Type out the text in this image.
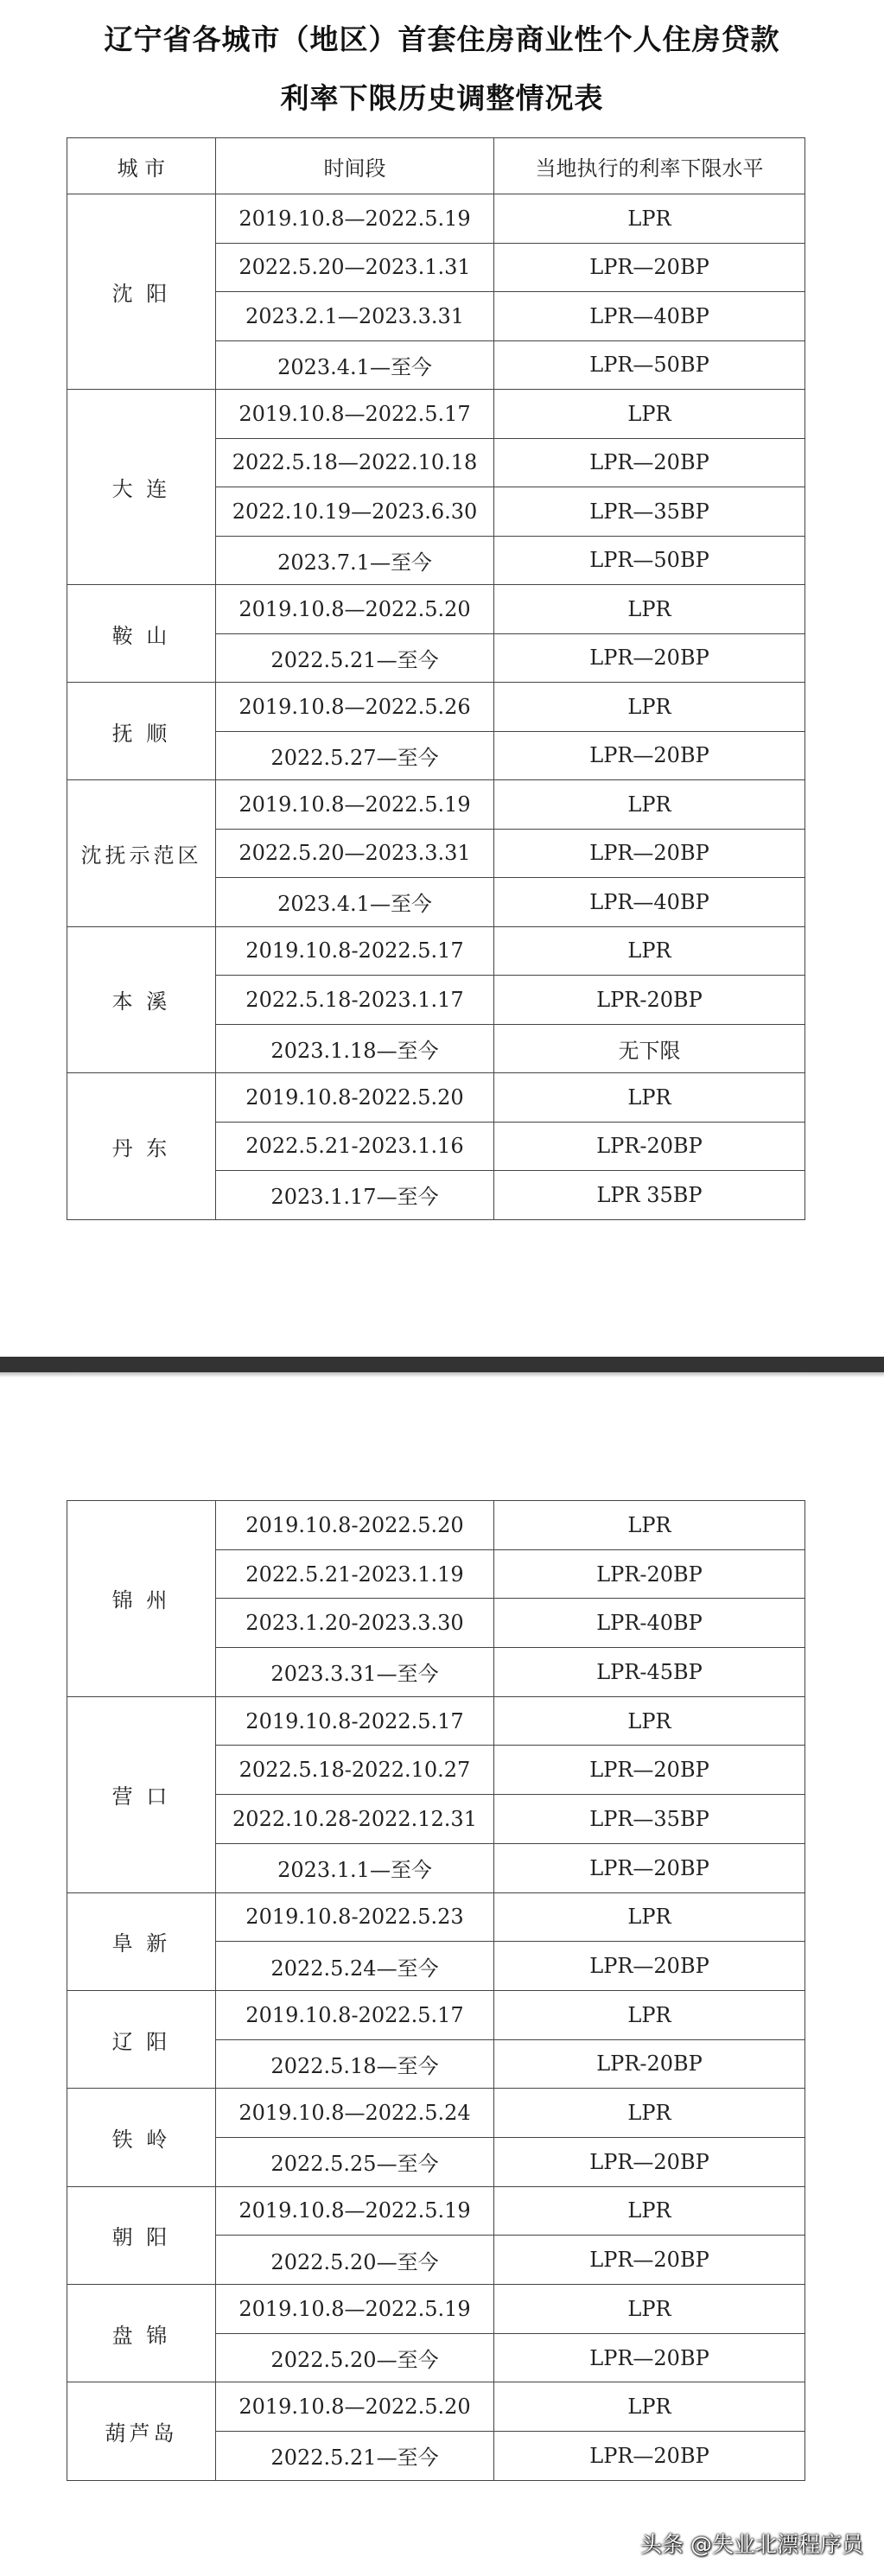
辽宁省各城市（地区）首套住房商业性个人住房贷款
利率下限历史调整情况表
城 市	时间段	当地执行的利率下限水平
沈 阳	2019.10.8—2022.5.19	LPR
	2022.5.20—2023.1.31	LPR—20BP
	2023.2.1—2023.3.31	LPR—40BP
	2023.4.1—至今	LPR—50BP
大 连	2019.10.8—2022.5.17	LPR
	2022.5.18—2022.10.18	LPR—20BP
	2022.10.19—2023.6.30	LPR—35BP
	2023.7.1—至今	LPR—50BP
鞍 山	2019.10.8—2022.5.20	LPR
	2022.5.21—至今	LPR—20BP
抚 顺	2019.10.8—2022.5.26	LPR
	2022.5.27—至今	LPR—20BP
沈抚示范区	2019.10.8—2022.5.19	LPR
	2022.5.20—2023.3.31	LPR—20BP
	2023.4.1—至今	LPR—40BP
本 溪	2019.10.8-2022.5.17	LPR
	2022.5.18-2023.1.17	LPR-20BP
	2023.1.18—至今	无下限
丹 东	2019.10.8-2022.5.20	LPR
	2022.5.21-2023.1.16	LPR-20BP
	2023.1.17—至今	LPR 35BP
锦 州	2019.10.8-2022.5.20	LPR
	2022.5.21-2023.1.19	LPR-20BP
	2023.1.20-2023.3.30	LPR-40BP
	2023.3.31—至今	LPR-45BP
营 口	2019.10.8-2022.5.17	LPR
	2022.5.18-2022.10.27	LPR—20BP
	2022.10.28-2022.12.31	LPR—35BP
	2023.1.1—至今	LPR—20BP
阜 新	2019.10.8-2022.5.23	LPR
	2022.5.24—至今	LPR—20BP
辽 阳	2019.10.8-2022.5.17	LPR
	2022.5.18—至今	LPR-20BP
铁 岭	2019.10.8—2022.5.24	LPR
	2022.5.25—至今	LPR—20BP
朝 阳	2019.10.8—2022.5.19	LPR
	2022.5.20—至今	LPR—20BP
盘 锦	2019.10.8—2022.5.19	LPR
	2022.5.20—至今	LPR—20BP
葫芦岛	2019.10.8—2022.5.20	LPR
	2022.5.21—至今	LPR—20BP
头条 @失业北漂程序员
